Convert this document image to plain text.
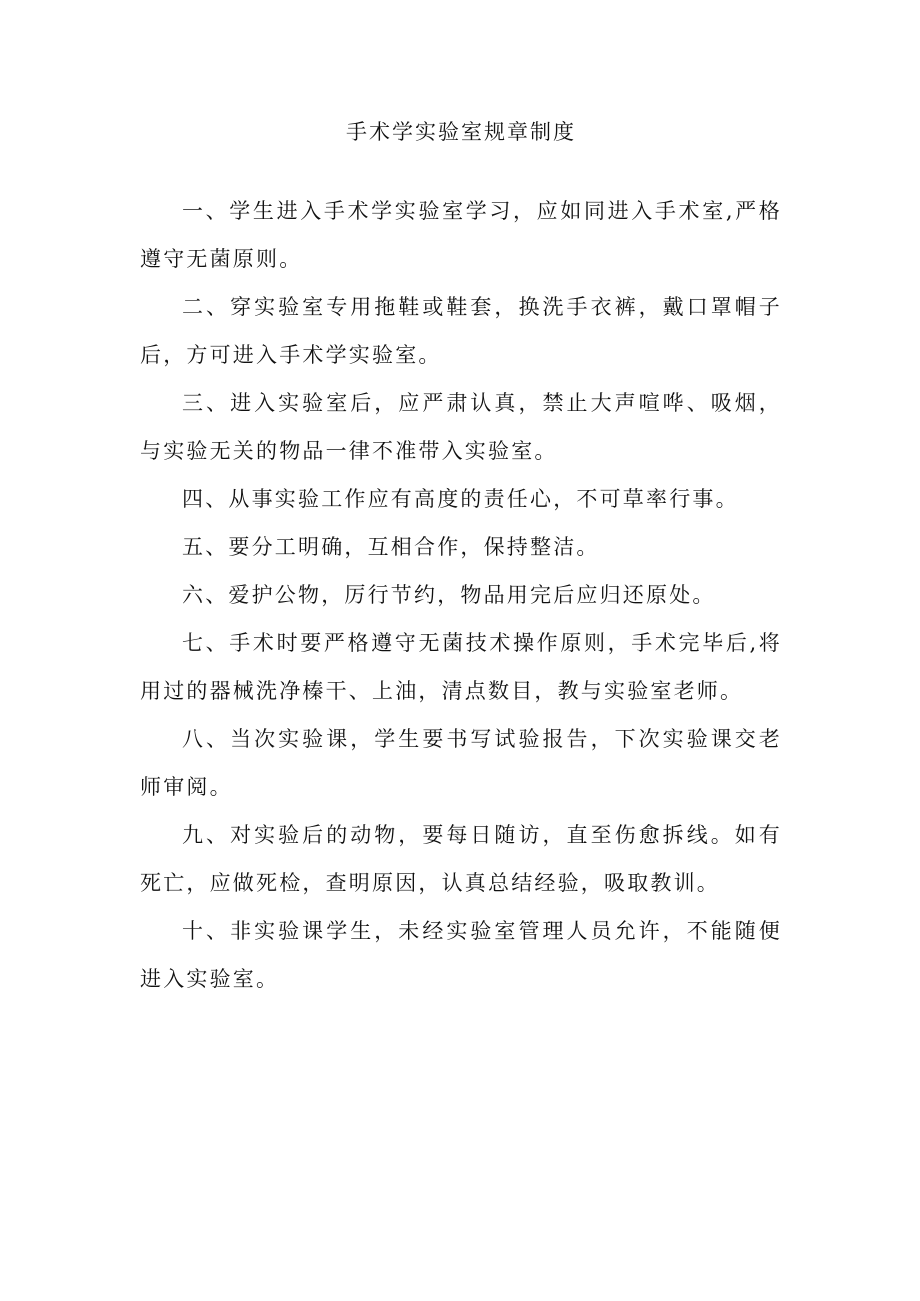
手术学实验室规章制度

一、学生进入手术学实验室学习，应如同进入手术室,严格遵守无菌原则。

二、穿实验室专用拖鞋或鞋套，换洗手衣裤，戴口罩帽子后，方可进入手术学实验室。

三、进入实验室后，应严肃认真，禁止大声喧哗、吸烟，与实验无关的物品一律不准带入实验室。

四、从事实验工作应有高度的责任心，不可草率行事。

五、要分工明确，互相合作，保持整洁。

六、爱护公物，厉行节约，物品用完后应归还原处。

七、手术时要严格遵守无菌技术操作原则，手术完毕后,将用过的器械洗净榛干、上油，清点数目，教与实验室老师。

八、当次实验课，学生要书写试验报告，下次实验课交老师审阅。

九、对实验后的动物，要每日随访，直至伤愈拆线。如有死亡，应做死检，查明原因，认真总结经验，吸取教训。

十、非实验课学生，未经实验室管理人员允许，不能随便进入实验室。
